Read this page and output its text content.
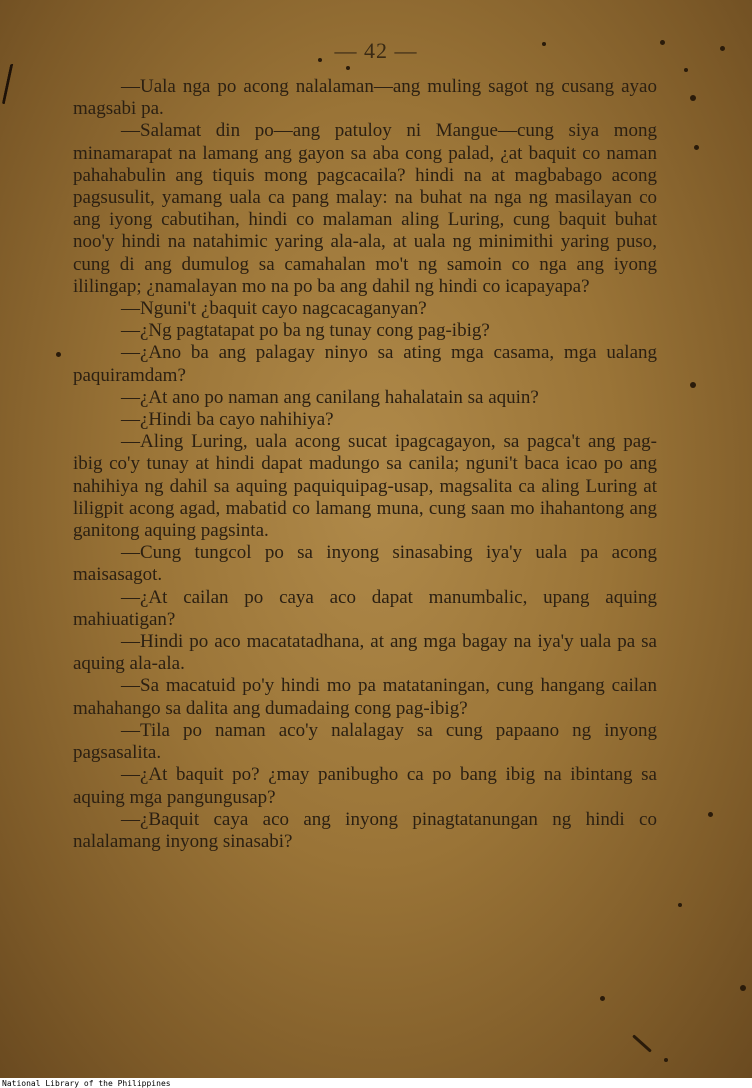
— 42 —

—Uala nga po acong nalalaman—ang muling sagot ng cusang ayao magsabi pa.

—Salamat din po—ang patuloy ni Mangue—cung siya mong minamarapat na lamang ang gayon sa aba cong palad, ¿at baquit co naman pahahabulin ang tiquis mong pagcacaila? hindi na at magbabago acong pagsusulit, yamang uala ca pang malay: na buhat na nga ng masilayan co ang iyong cabutihan, hindi co malaman aling Luring, cung baquit buhat noo'y hindi na natahimic yaring ala-ala, at uala ng minimithi yaring puso, cung di ang dumulog sa camahalan mo't ng samoin co nga ang iyong ililingap; ¿namalayan mo na po ba ang dahil ng hindi co icapayapa?

—Nguni't ¿baquit cayo nagcacaganyan?

—¿Ng pagtatapat po ba ng tunay cong pag-ibig?

—¿Ano ba ang palagay ninyo sa ating mga casama, mga ualang paquiramdam?

—¿At ano po naman ang canilang hahalatain sa aquin?

—¿Hindi ba cayo nahihiya?

—Aling Luring, uala acong sucat ipagcagayon, sa pagca't ang pag-ibig co'y tunay at hindi dapat madungo sa canila; nguni't baca icao po ang nahihiya ng dahil sa aquing paquiquipag-usap, magsalita ca aling Luring at liligpit acong agad, mabatid co lamang muna, cung saan mo ihahantong ang ganitong aquing pagsinta.

—Cung tungcol po sa inyong sinasabing iya'y uala pa acong maisasagot.

—¿At cailan po caya aco dapat manumbalic, upang aquing mahiuatigan?

—Hindi po aco macatatadhana, at ang mga bagay na iya'y uala pa sa aquing ala-ala.

—Sa macatuid po'y hindi mo pa matataningan, cung hangang cailan mahahango sa dalita ang dumadaing cong pag-ibig?

—Tila po naman aco'y nalalagay sa cung papaano ng inyong pagsasalita.

—¿At baquit po? ¿may panibugho ca po bang ibig na ibintang sa aquing mga pangungusap?

—¿Baquit caya aco ang inyong pinagtatanungan ng hindi co nalalamang inyong sinasabi?

National Library of the Philippines
